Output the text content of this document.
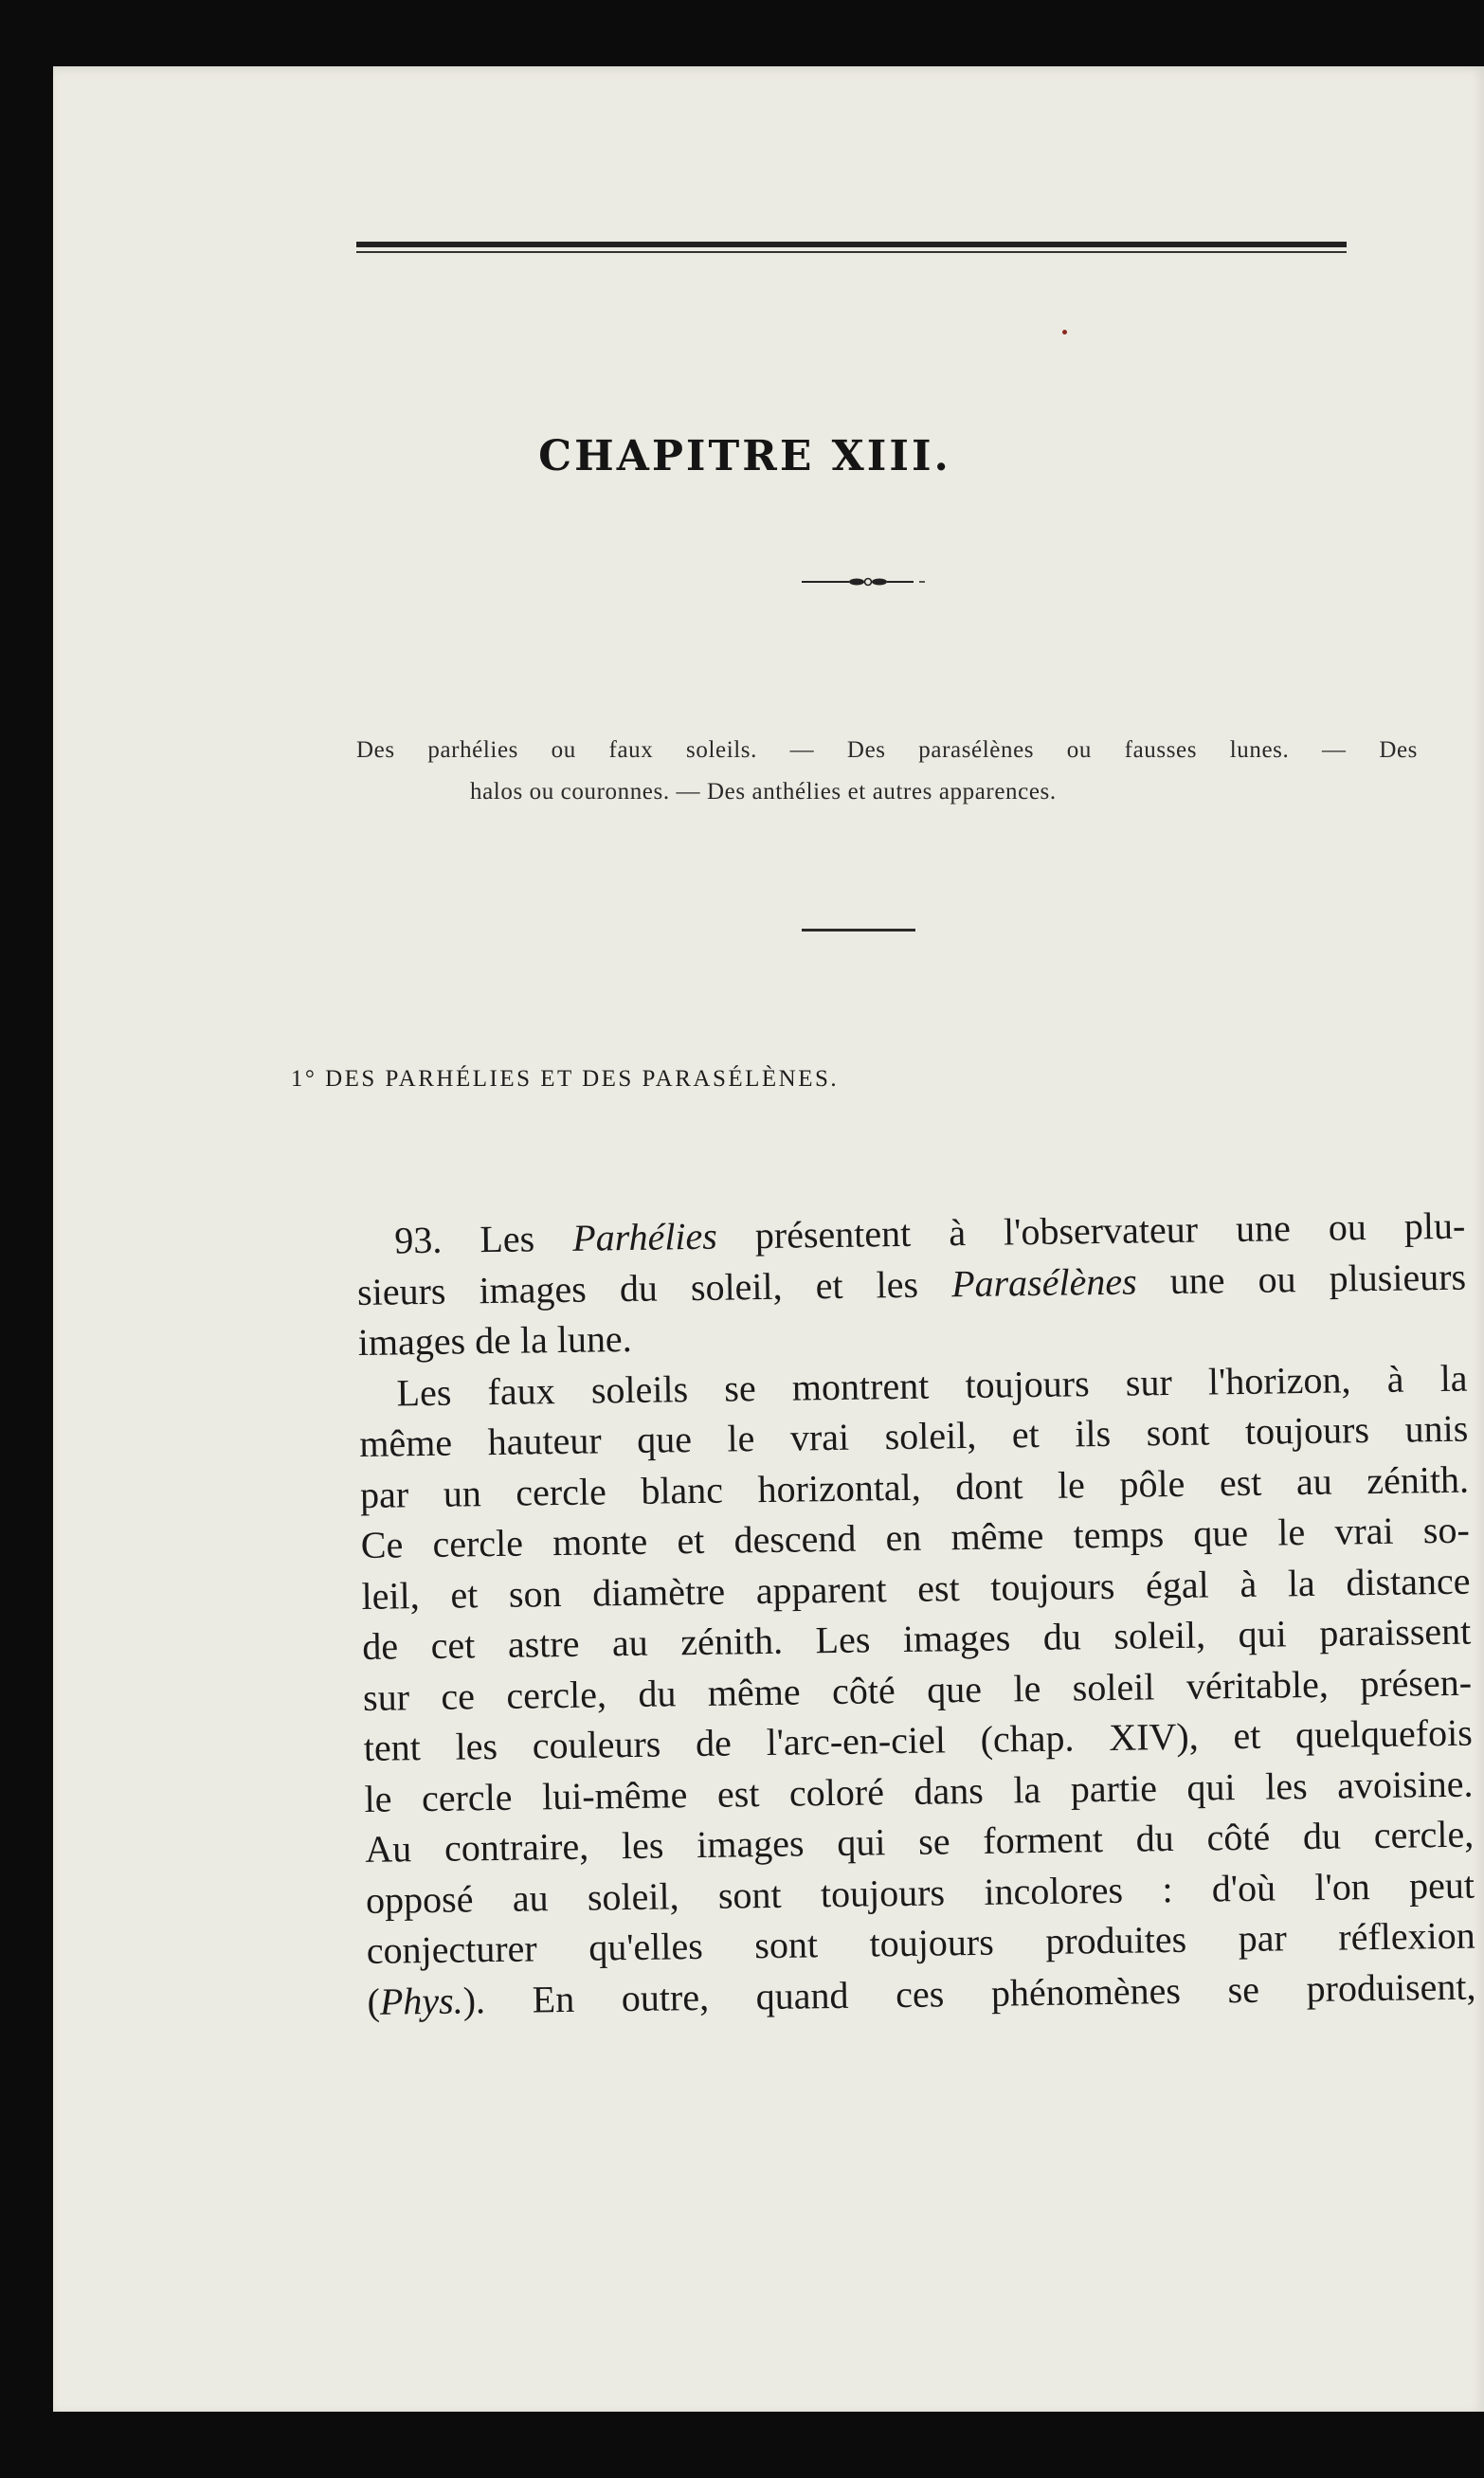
CHAPITRE XIII.
Des parhélies ou faux soleils. — Des parasélènes ou fausses lunes. — Des
halos ou couronnes. — Des anthélies et autres apparences.
1° DES PARHÉLIES ET DES PARASÉLÈNES.
93. Les Parhélies présentent à l'observateur une ou plu-
sieurs images du soleil, et les Parasélènes une ou plusieurs
images de la lune.
Les faux soleils se montrent toujours sur l'horizon, à la
même hauteur que le vrai soleil, et ils sont toujours unis
par un cercle blanc horizontal, dont le pôle est au zénith.
Ce cercle monte et descend en même temps que le vrai so-
leil, et son diamètre apparent est toujours égal à la distance
de cet astre au zénith. Les images du soleil, qui paraissent
sur ce cercle, du même côté que le soleil véritable, présen-
tent les couleurs de l'arc-en-ciel (chap. XIV), et quelquefois
le cercle lui-même est coloré dans la partie qui les avoisine.
Au contraire, les images qui se forment du côté du cercle,
opposé au soleil, sont toujours incolores : d'où l'on peut
conjecturer qu'elles sont toujours produites par réflexion
(Phys.). En outre, quand ces phénomènes se produisent,
